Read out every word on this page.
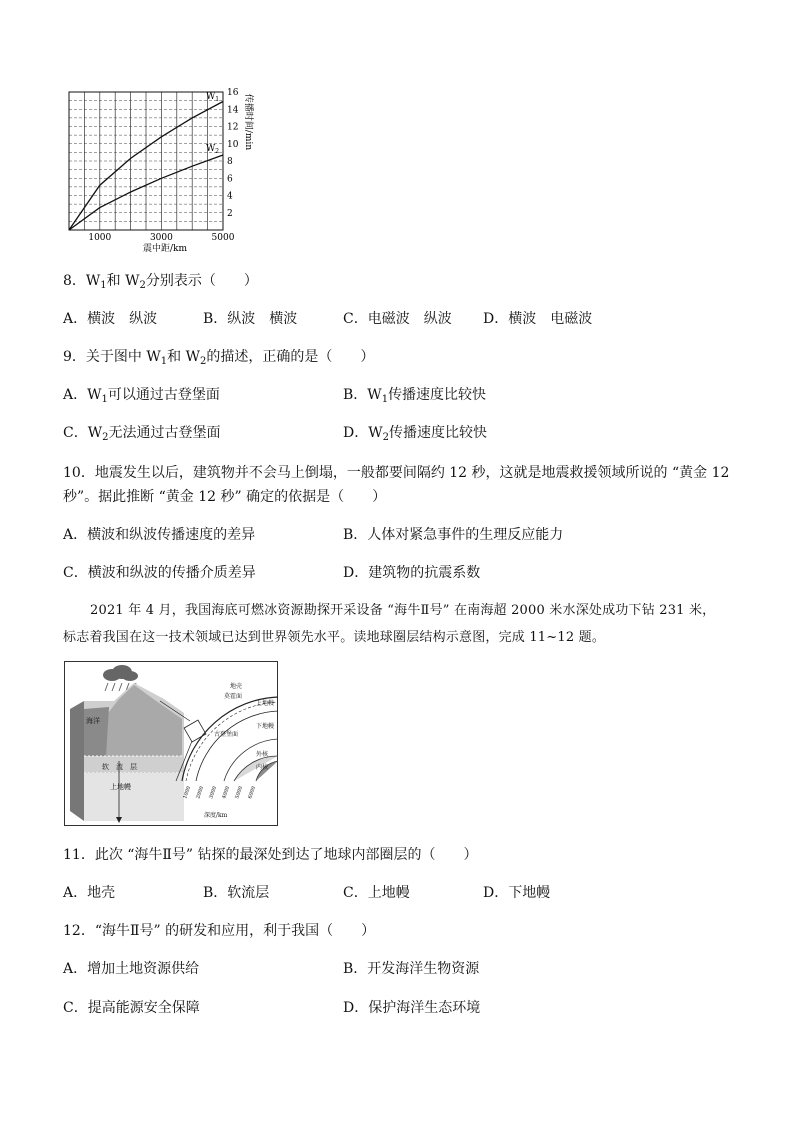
1000	3000	5000
2
4
6
8
10
12
14
16
震中距/km
传播时间/min
$W_1$
$W_2$
8．$W_1$和 $W_2$分别表示（　　）
A．横波　纵波	B．纵波　横波	C．电磁波　纵波 D．横波　电磁波
9．关于图中 $W_1$和 $W_2$的描述，正确的是（　　）
A．$W_1$可以通过古登堡面	B．$W_1$传播速度比较快
C．$W_2$无法通过古登堡面	D．$W_2$传播速度比较快
10．地震发生以后，建筑物并不会马上倒塌，一般都要间隔约 12 秒，这就是地震救援领域所说的 “黄金 12
秒”。据此推断 “黄金 12 秒” 确定的依据是（　　）
A．横波和纵波传播速度的差异	B．人体对紧急事件的生理反应能力
C．横波和纵波的传播介质差异	D．建筑物的抗震系数
2021 年 4 月，我国海底可燃冰资源勘探开采设备 “海牛Ⅱ号” 在南海超 2000 米水深处成功下钻 231 米，
标志着我国在这一技术领域已达到世界领先水平。读地球圈层结构示意图，完成 11~12 题。
海洋
软　流　层
上地幔
地壳
莫霍面
上地幔
下地幔
古登堡面
外核
内核
1000 2000 3000 4000 5000 6000
深度/km
11．此次 “海牛Ⅱ号” 钻探的最深处到达了地球内部圈层的（　　）
A．地壳	B．软流层	C．上地幔	D．下地幔
12．“海牛Ⅱ号” 的研发和应用，利于我国（　　）
A．增加土地资源供给	B．开发海洋生物资源
C．提高能源安全保障	D．保护海洋生态环境
